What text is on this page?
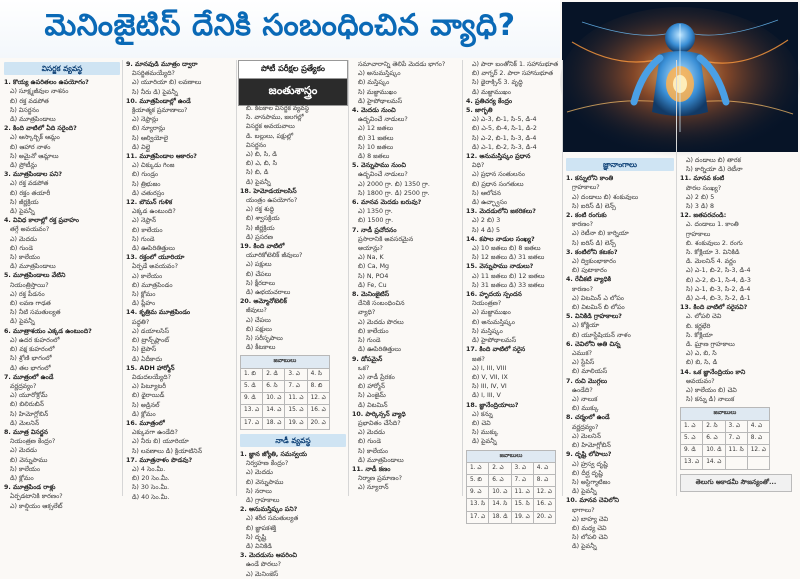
మెనింజైటిస్ దేనికి సంబంధించిన వ్యాధి?
విసర్జక వ్యవస్థ

1. కొయ్య ఉపరితలం ఉపయోగం?

ఎ) సూక్ష్మజీవుల నాశనం

బి) రక్త వడపోత

సి) విసర్జనం

డి) మూత్రపిండాలు

2. కింది వాటిలో ఏది సరైంది?

ఎ) ఆస్కార్బిక్ ఆమ్లం

బి) ఆహార నాళం

సి) అమైనో ఆమ్లాలు

డి) ప్రోటీన్లు

3. మూత్రపిండాల పని?

ఎ) రక్త వడపోత

బి) రక్తం తయారీ

సి) జీర్ణక్రియ

డి) పైవన్నీ

4. వివిధ కాలాల్లో రక్త ప్రవాహం

తగ్గే అవయవం?

ఎ) మెదడు

బి) గుండె

సి) కాలేయం

డి) మూత్రపిండాలు

5. మూత్రపిండాలు వేటిని

నియంత్రిస్తాయి?

ఎ) రక్త పీడనం

బి) లవణ గాఢత

సి) నీటి సమతుల్యత

డి) పైవన్నీ

6. మూత్రాశయం ఎక్కడ ఉంటుంది?

ఎ) ఉదర కుహరంలో

బి) వక్ష కుహరంలో

సి) శ్రోణి భాగంలో

డి) తల భాగంలో

7. మూత్రంలో ఉండే

వర్ణద్రవ్యం?

ఎ) యూరోక్రోమ్

బి) బిలిరుబిన్

సి) హిమోగ్లోబిన్

డి) మెలనిన్

8. మూత్ర విసర్జన

నియంత్రణ కేంద్రం?

ఎ) మెదడు

బి) వెన్నుపాము

సి) కాలేయం

డి) క్లోమం

9. మూత్రపిండ రాళ్లు

ఏర్పడటానికి కారణం?

ఎ) కాల్షియం ఆక్సలేట్

9. మానవుడి మూత్రం ద్వారా

విసర్జితమయ్యేది?

ఎ) యూరియా బి) లవణాలు

సి) నీరు డి) పైవన్నీ

10. మూత్రపిండాల్లో ఉండే

క్రియాత్మక ప్రమాణాలు?

ఎ) నెఫ్రాన్లు

బి) న్యూరాన్లు

సి) ఆల్వియోలై

డి) విల్లై

11. మూత్రపిండాల ఆకారం?

ఎ) చిక్కుడు గింజ

బి) గుండ్రం

సి) త్రిభుజం

డి) చతురస్రం

12. బౌమన్ గుళిక

ఎక్కడ ఉంటుంది?

ఎ) నెఫ్రాన్

బి) కాలేయం

సి) గుండె

డి) ఊపిరితిత్తులు

13. రక్తంలో యూరియా

ఏర్పడే అవయవం?

ఎ) కాలేయం

బి) మూత్రపిండం

సి) క్లోమం

డి) ప్లీహం

14. కృత్రిమ మూత్రపిండం

పద్ధతి?

ఎ) డయాలసిస్

బి) ట్రాన్స్‌ప్లాంట్

సి) బైపాస్

డి) ఏదీకాదు

15. ADH హార్మోన్

విడుదలయ్యేది?

ఎ) పిట్యూటరీ

బి) థైరాయిడ్

సి) అడ్రినల్

డి) క్లోమం

16. మూత్రంలో

ఎక్కువగా ఉండేది?

ఎ) నీరు బి) యూరియా

సి) లవణాలు డి) క్రియాటినిన్

17. మూత్రనాళం పొడవు?

ఎ) 4 సెం.మీ.

బి) 20 సెం.మీ.

సి) 30 సెం.మీ.

డి) 40 సెం.మీ.

పోటీ పరీక్షల ప్రత్యేకం
జంతుశాస్త్రం

బి. కీటకాల విసర్జక వ్యవస్థ

సి. వానపాము, జలగల్లో

విసర్జక అవయవాలు

డి. బల్లులు, పక్షుల్లో

విసర్జనం

ఎ) బి, సి, డి

బి) ఎ, బి, సి

సి) బి, డి

డి) పైవన్నీ

18. హెమోడయాలసిస్

యంత్రం ఉపయోగం?

ఎ) రక్త శుద్ధి

బి) శ్వాసక్రియ

సి) జీర్ణక్రియ

డి) ప్రసరణ

19. కింది వాటిలో

యూరికోటెలిక్ జీవులు?

ఎ) పక్షులు

బి) చేపలు

సి) క్షీరదాలు

డి) ఉభయచరాలు

20. అమ్మోనోటెలిక్

జీవులు?

ఎ) చేపలు

బి) పక్షులు

సి) సరీసృపాలు

డి) కీటకాలు

జవాబులు			
1. బి	2. డి	3. ఎ	4. సి
5. డి	6. సి	7. ఎ	8. బి
9. డి	10. ఎ	11. ఎ	12. ఎ
13. ఎ	14. ఎ	15. ఎ	16. ఎ
17. ఎ	18. ఎ	19. ఎ	20. ఎ
నాడీ వ్యవస్థ

1. జ్ఞాన జ్యోతి, సమన్వయ

నిర్వహణ కేంద్రం?

ఎ) మెదడు

బి) వెన్నుపాము

సి) నరాలు

డి) గ్రాహకాలు

2. అనుమస్తిష్కం పని?

ఎ) శరీర సమతుల్యత

బి) జ్ఞాపకశక్తి

సి) దృష్టి

డి) వినికిడి

3. మెదడును ఆవరించి

ఉండే పొరలు?

ఎ) మెనింజెస్

సమాచారాన్ని తెలిపే మెదడు భాగం?

ఎ) అనుమస్తిష్కం

బి) మస్తిష్కం

సి) మజ్జాముఖం

డి) హైపోథాలమస్

4. మెదడు నుంచి

ఉద్భవించే నాడులు?

ఎ) 12 జతలు

బి) 31 జతలు

సి) 10 జతలు

డి) 8 జతలు

5. వెన్నుపాము నుంచి

ఉద్భవించే నాడులు?

ఎ) 2000 గ్రా. బి) 1350 గ్రా.

సి) 1800 గ్రా. డి) 2500 గ్రా.

6. మానవ మెదడు బరువు?

ఎ) 1350 గ్రా.

బి) 1500 గ్రా.

7. నాడీ ప్రచోదనం

ప్రసారానికి అవసరమైన

అయాన్లు?

ఎ) Na, K

బి) Ca, Mg

సి) N, PO4

డి) Fe, Cu

8. మెనింజైటిస్

దేనికి సంబంధించిన

వ్యాధి?

ఎ) మెదడు పొరలు

బి) కాలేయం

సి) గుండె

డి) ఊపిరితిత్తులు

9. డోపమైన్

ఒక?

ఎ) నాడీ ప్రేరకం

బి) హార్మోన్

సి) ఎంజైమ్

డి) విటమిన్

10. పార్కిన్సన్ వ్యాధి

ప్రభావితం చేసేది?

ఎ) మెదడు

బి) గుండె

సి) కాలేయం

డి) మూత్రపిండాలు

11. నాడీ కణం

నిర్మాణ ప్రమాణం?

ఎ) న్యూరాన్

ఎ) పారా బంతోనిక్ 1. సహానుభూత

బి) వాగ్నర్ 2. పారా సహానుభూత

సి) థైరాక్సిన్ 3. వృద్ధి

డి) మజ్జాముఖం

4. ప్రతిచర్య కేంద్రం

5. జాగృతి

ఎ) ఎ-3, బి-1, సి-5, డి-4

బి) ఎ-5, బి-4, సి-1, డి-2

సి) ఎ-2, బి-1, సి-3, డి-4

డి) ఎ-1, బి-2, సి-3, డి-4

12. అనుమస్తిష్కం ప్రధాన

విధి?

ఎ) ప్రధాన సంతులనం

బి) ప్రధాన సంగతులు

సి) ఆలోచన

డి) ఉచ్ఛ్వాసం

13. మెదడులోని జఠరికలు?

ఎ) 2 బి) 3

సి) 4 డి) 5

14. కపాల నాడుల సంఖ్య?

ఎ) 10 జతలు బి) 8 జతలు

సి) 12 జతలు డి) 31 జతలు

15. వెన్నుపాము నాడులు?

ఎ) 11 జతలు బి) 12 జతలు

సి) 31 జతలు డి) 33 జతలు

16. హృదయ స్పందన

నియంత్రణ?

ఎ) మజ్జాముఖం

బి) అనుమస్తిష్కం

సి) మస్తిష్కం

డి) హైపోథాలమస్

17. కింది వాటిలో సరైన

జత?

ఎ) I, III, VIII

బి) V, VII, IX

సి) III, IV, VI

డి) I, III, V

18. జ్ఞానేంద్రియాలు?

ఎ) కన్ను

బి) చెవి

సి) ముక్కు

డి) పైవన్నీ

జవాబులు			
1. ఎ	2. ఎ	3. ఎ	4. ఎ
5. బి	6. ఎ	7. ఎ	8. ఎ
9. ఎ	10. ఎ	11. ఎ	12. ఎ
13. సి	14. సి	15. సి	16. ఎ
17. ఎ	18. డి	19. ఎ	20. ఎ
జ్ఞానాంగాలు

1. కన్నులోని కాంతి

గ్రాహకాలు?

ఎ) దండాలు బి) శంకువులు

సి) ఐరిస్ డి) లెన్స్

2. కంటి రంగుకు

కారణం?

ఎ) రెటీనా బి) కార్నియా

సి) ఐరిస్ డి) లెన్స్

3. కంటిలోని కటకం?

ఎ) ద్వికుంభాకారం

బి) పుటాకారం

4. రేచీకటి వ్యాధికి

కారణం?

ఎ) విటమిన్ ఎ లోపం

బి) విటమిన్ బి లోపం

5. వినికిడి గ్రాహకాలు?

ఎ) కోక్లియా

బి) యూస్టేషియన్ నాళం

6. చెవిలోని అతి చిన్న

ఎముక?

ఎ) స్టేపిస్

బి) మాలియస్

7. రుచి మొగ్గలు

ఉండేది?

ఎ) నాలుక

బి) ముక్కు

8. చర్మంలో ఉండే

వర్ణద్రవ్యం?

ఎ) మెలనిన్

బి) హిమోగ్లోబిన్

9. దృష్టి లోపాలు?

ఎ) హ్రస్వ దృష్టి

బి) దీర్ఘ దృష్టి

సి) అస్టిగ్మాటిజం

డి) పైవన్నీ

10. మానవ చెవిలోని

భాగాలు?

ఎ) బాహ్య చెవి

బి) మధ్య చెవి

సి) లోపలి చెవి

డి) పైవన్నీ

ఎ) దండాలు బి) తారక

సి) కార్నియా డి) రెటీనా

11. మానవ కంటి

పొరల సంఖ్య?

ఎ) 2 బి) 5

సి) 3 డి) 8

12. జతపరచండి:

ఎ. దండాలు 1. కాంతి

గ్రాహకాలు

బి. శంకువులు 2. రంగు

సి. కోక్లియా 3. వినికిడి

డి. మెలనిన్ 4. వర్ణం

ఎ) ఎ-1, బి-2, సి-3, డి-4

బి) ఎ-2, బి-1, సి-4, డి-3

సి) ఎ-1, బి-3, సి-2, డి-4

డి) ఎ-4, బి-3, సి-2, డి-1

13. కింది వాటిలో సరైనవి?

ఎ. లోపలి చెవి

బి. కర్ణభేరి

సి. కోక్లియా

డి. ఘ్రాణ గ్రాహకాలు

ఎ) ఎ, బి, సి

బి) బి, సి, డి

14. ఒక జ్ఞానేంద్రియం కాని

అవయవం?

ఎ) కాలేయం బి) చెవి

సి) కన్ను డి) నాలుక

జవాబులు			
1. ఎ	2. సి	3. ఎ	4. ఎ
5. ఎ	6. ఎ	7. ఎ	8. ఎ
9. డి	10. డి	11. సి	12. ఎ
13. ఎ	14. ఎ		
తెలుగు అకాడమీ సౌజన్యంతో...
